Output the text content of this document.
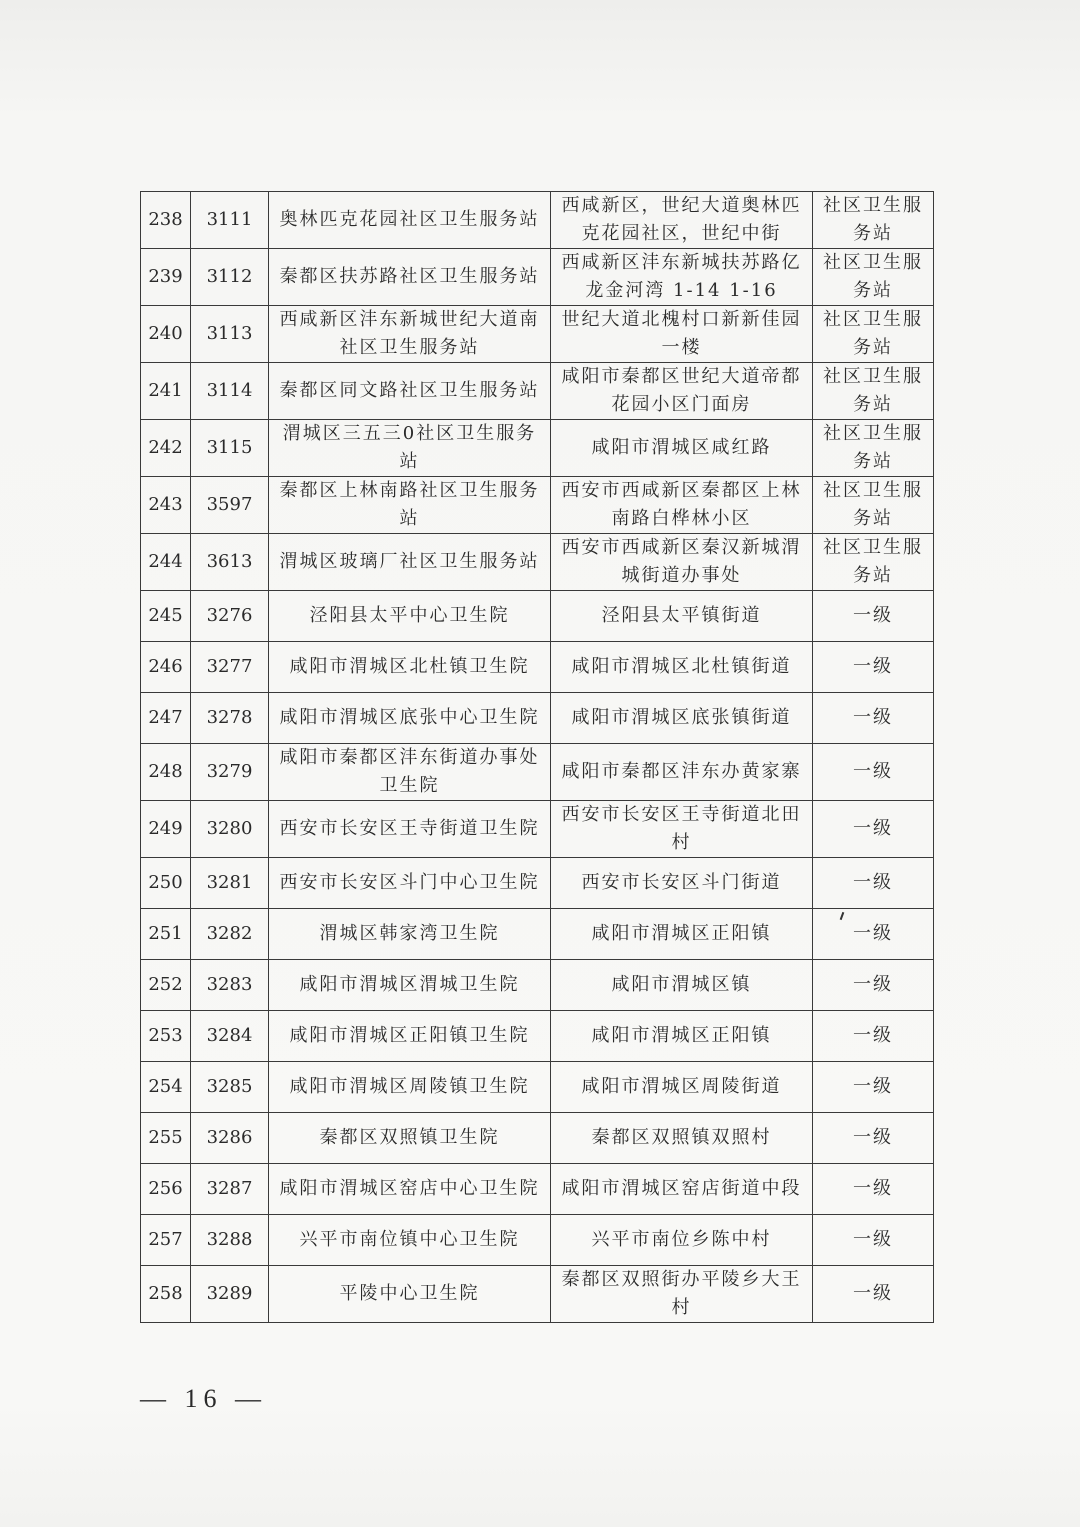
238	3111	奥林匹克花园社区卫生服务站	西咸新区，世纪大道奥林匹克花园社区，世纪中街	社区卫生服务站
239	3112	秦都区扶苏路社区卫生服务站	西咸新区沣东新城扶苏路亿龙金河湾 1-14 1-16	社区卫生服务站
240	3113	西咸新区沣东新城世纪大道南社区卫生服务站	世纪大道北槐村口新新佳园一楼	社区卫生服务站
241	3114	秦都区同文路社区卫生服务站	咸阳市秦都区世纪大道帝都花园小区门面房	社区卫生服务站
242	3115	渭城区三五三0社区卫生服务站	咸阳市渭城区咸红路	社区卫生服务站
243	3597	秦都区上林南路社区卫生服务站	西安市西咸新区秦都区上林南路白桦林小区	社区卫生服务站
244	3613	渭城区玻璃厂社区卫生服务站	西安市西咸新区秦汉新城渭城街道办事处	社区卫生服务站
245	3276	泾阳县太平中心卫生院	泾阳县太平镇街道	一级
246	3277	咸阳市渭城区北杜镇卫生院	咸阳市渭城区北杜镇街道	一级
247	3278	咸阳市渭城区底张中心卫生院	咸阳市渭城区底张镇街道	一级
248	3279	咸阳市秦都区沣东街道办事处卫生院	咸阳市秦都区沣东办黄家寨	一级
249	3280	西安市长安区王寺街道卫生院	西安市长安区王寺街道北田村	一级
250	3281	西安市长安区斗门中心卫生院	西安市长安区斗门街道	一级
251	3282	渭城区韩家湾卫生院	咸阳市渭城区正阳镇	一级
252	3283	咸阳市渭城区渭城卫生院	咸阳市渭城区镇	一级
253	3284	咸阳市渭城区正阳镇卫生院	咸阳市渭城区正阳镇	一级
254	3285	咸阳市渭城区周陵镇卫生院	咸阳市渭城区周陵街道	一级
255	3286	秦都区双照镇卫生院	秦都区双照镇双照村	一级
256	3287	咸阳市渭城区窑店中心卫生院	咸阳市渭城区窑店街道中段	一级
257	3288	兴平市南位镇中心卫生院	兴平市南位乡陈中村	一级
258	3289	平陵中心卫生院	秦都区双照街办平陵乡大王村	一级
— 16 —
